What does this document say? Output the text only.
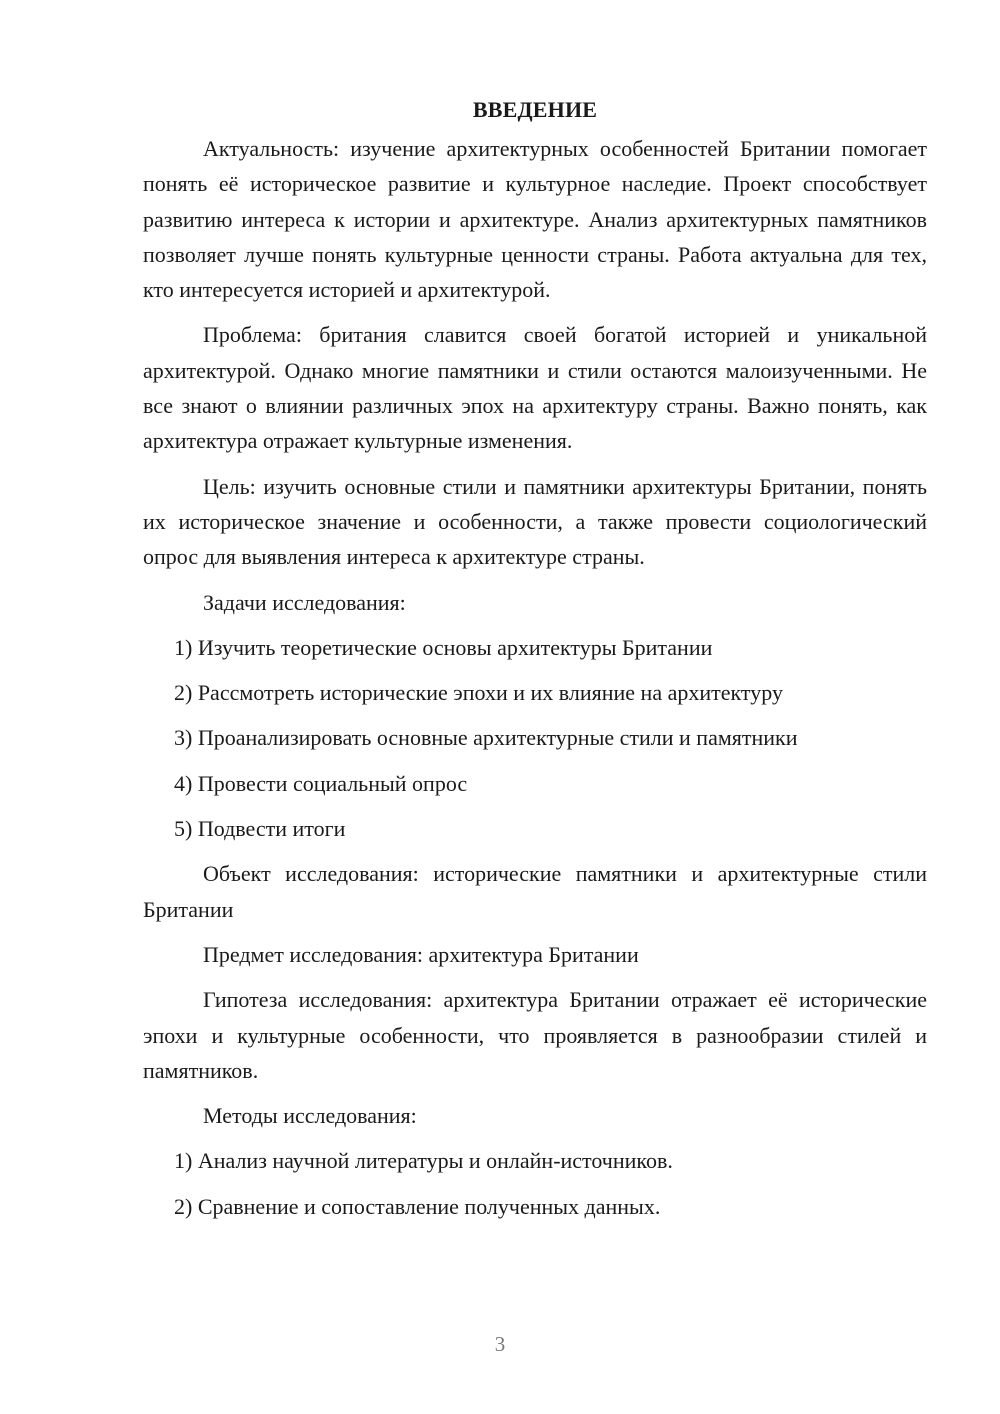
ВВЕДЕНИЕ

Актуальность: изучение архитектурных особенностей Британии помогает понять её историческое развитие и культурное наследие. Проект способствует развитию интереса к истории и архитектуре. Анализ архитектурных памятников позволяет лучше понять культурные ценности страны. Работа актуальна для тех, кто интересуется историей и архитектурой.

Проблема: британия славится своей богатой историей и уникальной архитектурой. Однако многие памятники и стили остаются малоизученными. Не все знают о влиянии различных эпох на архитектуру страны. Важно понять, как архитектура отражает культурные изменения.

Цель: изучить основные стили и памятники архитектуры Британии, понять их историческое значение и особенности, а также провести социологический опрос для выявления интереса к архитектуре страны.

Задачи исследования:

1) Изучить теоретические основы архитектуры Британии
2) Рассмотреть исторические эпохи и их влияние на архитектуру
3) Проанализировать основные архитектурные стили и памятники
4) Провести социальный опрос
5) Подвести итоги

Объект исследования: исторические памятники и архитектурные стили Британии

Предмет исследования: архитектура Британии

Гипотеза исследования: архитектура Британии отражает её исторические эпохи и культурные особенности, что проявляется в разнообразии стилей и памятников.

Методы исследования:

1) Анализ научной литературы и онлайн-источников.
2) Сравнение и сопоставление полученных данных.
3
